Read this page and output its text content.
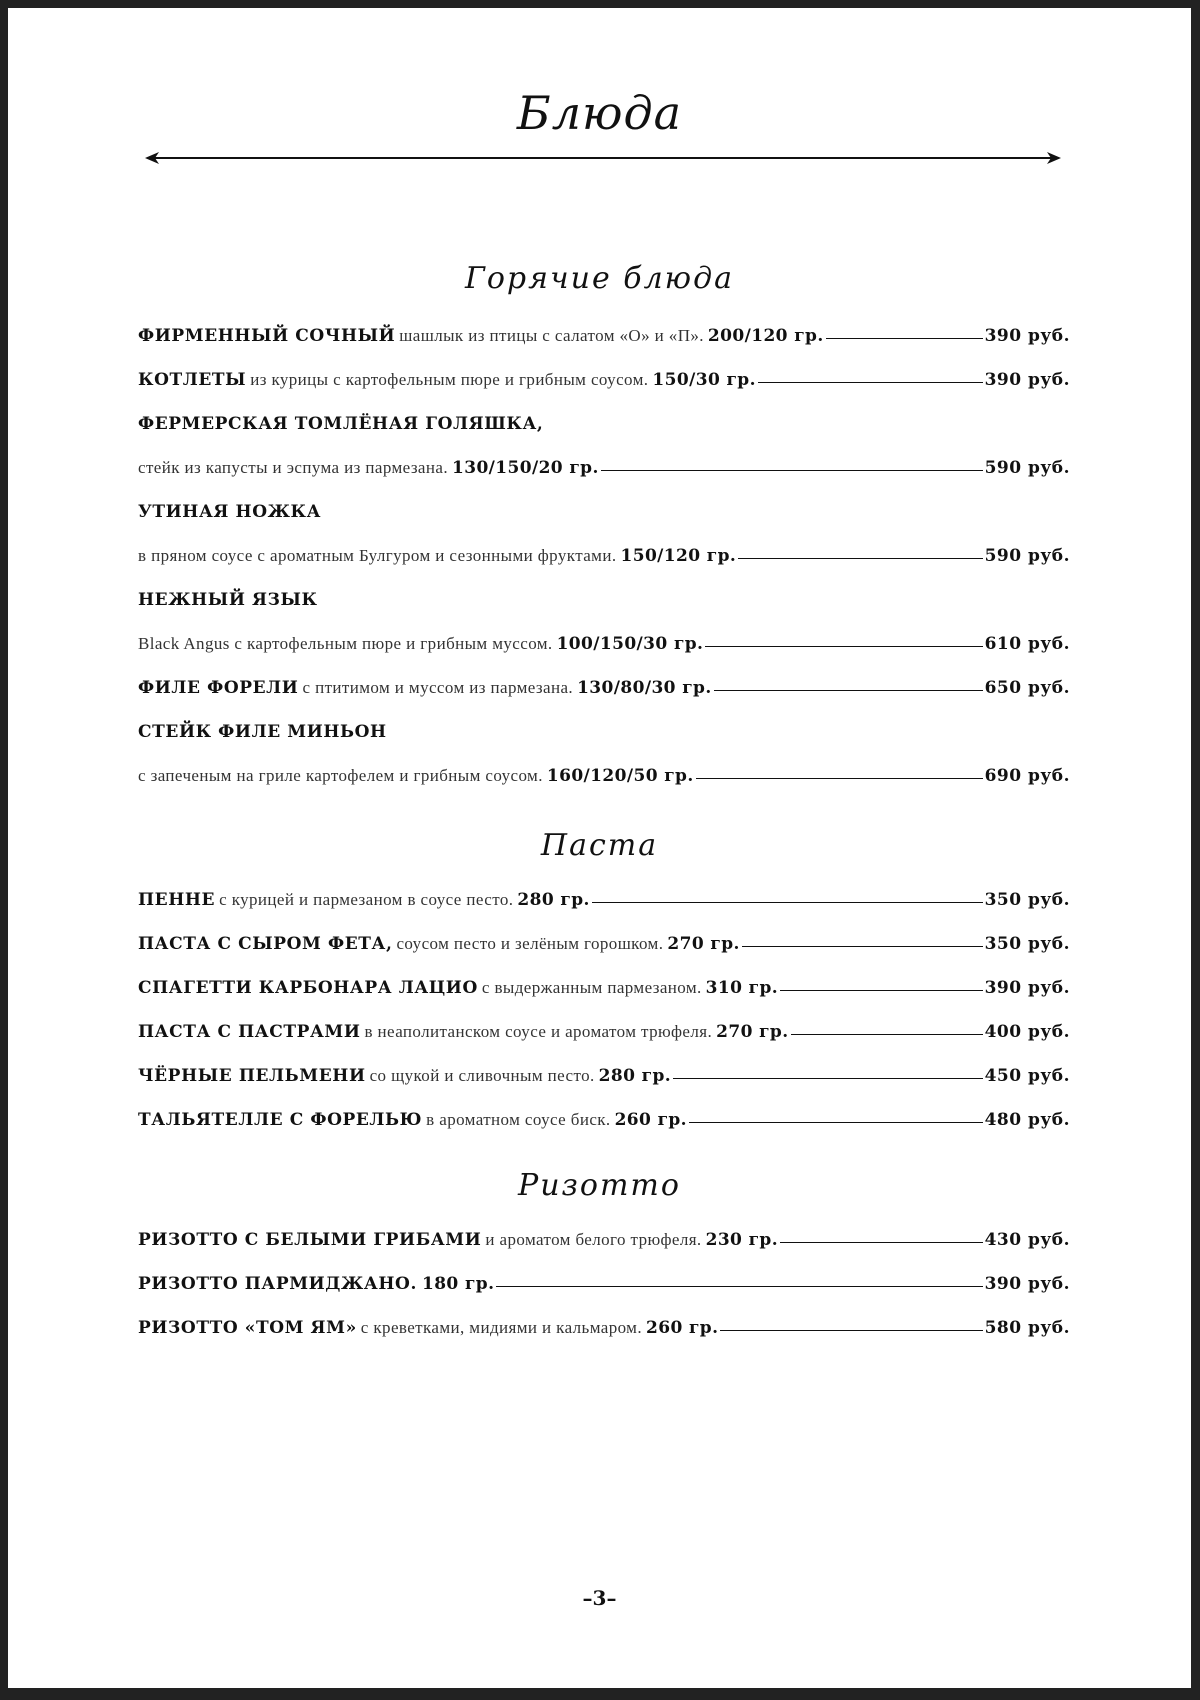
Блюда
Горячие блюда
ФИРМЕННЫЙ СОЧНЫЙ шашлык из птицы с салатом «О» и «П». 200/120 гр.	390 руб.
КОТЛЕТЫ из курицы с картофельным пюре и грибным соусом. 150/30 гр.	390 руб.
ФЕРМЕРСКАЯ ТОМЛЁНАЯ ГОЛЯШКА,
стейк из капусты и эспума из пармезана. 130/150/20 гр.	590 руб.
УТИНАЯ НОЖКА
в пряном соусе с ароматным Булгуром и сезонными фруктами. 150/120 гр.	590 руб.
НЕЖНЫЙ ЯЗЫК
Black Angus с картофельным пюре и грибным муссом. 100/150/30 гр.	610 руб.
ФИЛЕ ФОРЕЛИ с птитимом и муссом из пармезана. 130/80/30 гр.	650 руб.
СТЕЙК ФИЛЕ МИНЬОН
с запеченым на гриле картофелем и грибным соусом. 160/120/50 гр.	690 руб.
Паста
ПЕННЕ с курицей и пармезаном в соусе песто. 280 гр.	350 руб.
ПАСТА С СЫРОМ ФЕТА, соусом песто и зелёным горошком. 270 гр.	350 руб.
СПАГЕТТИ КАРБОНАРА ЛАЦИО с выдержанным пармезаном. 310 гр.	390 руб.
ПАСТА С ПАСТРАМИ в неаполитанском соусе и ароматом трюфеля. 270 гр.	400 руб.
ЧЁРНЫЕ ПЕЛЬМЕНИ со щукой и сливочным песто. 280 гр.	450 руб.
ТАЛЬЯТЕЛЛЕ С ФОРЕЛЬЮ в ароматном соусе биск. 260 гр.	480 руб.
Ризотто
РИЗОТТО С БЕЛЫМИ ГРИБАМИ и ароматом белого трюфеля. 230 гр.	430 руб.
РИЗОТТО ПАРМИДЖАНО. 180 гр.	390 руб.
РИЗОТТО «ТОМ ЯМ» с креветками, мидиями и кальмаром. 260 гр.	580 руб.
–3–
